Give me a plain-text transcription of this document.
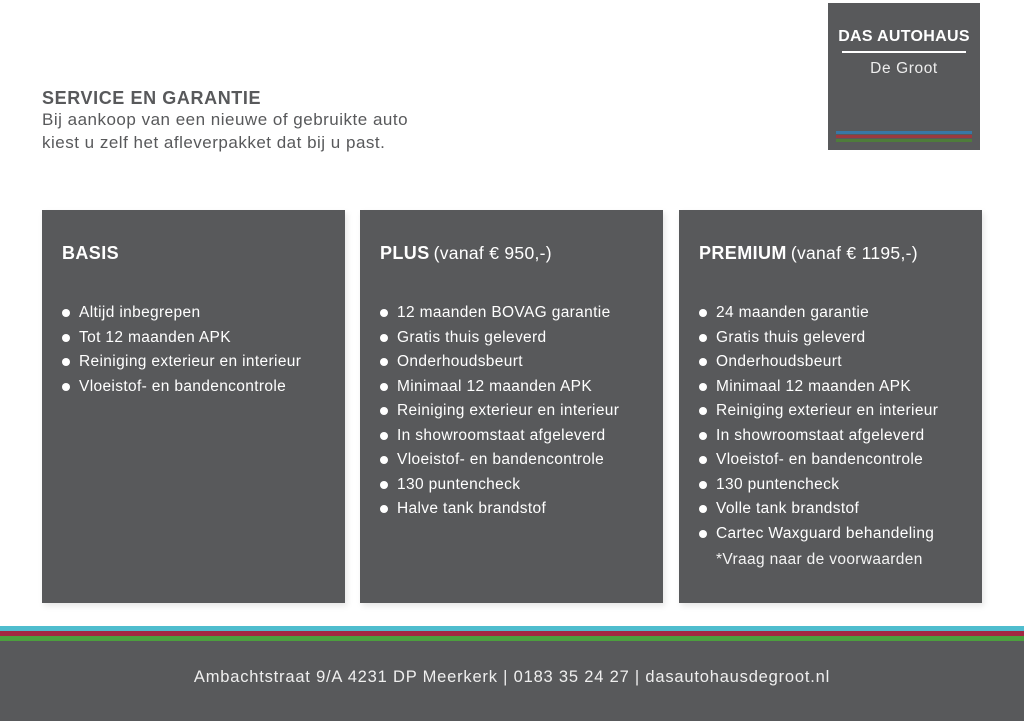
SERVICE EN GARANTIE
Bij aankoop van een nieuwe of gebruikte auto
kiest u zelf het afleverpakket dat bij u past.
DAS AUTOHAUS
De Groot
BASIS
Altijd inbegrepen
Tot 12 maanden APK
Reiniging exterieur en interieur
Vloeistof- en bandencontrole
PLUS (vanaf € 950,-)
12 maanden BOVAG garantie
Gratis thuis geleverd
Onderhoudsbeurt
Minimaal 12 maanden APK
Reiniging exterieur en interieur
In showroomstaat afgeleverd
Vloeistof- en bandencontrole
130 puntencheck
Halve tank brandstof
PREMIUM (vanaf € 1195,-)
24 maanden garantie
Gratis thuis geleverd
Onderhoudsbeurt
Minimaal 12 maanden APK
Reiniging exterieur en interieur
In showroomstaat afgeleverd
Vloeistof- en bandencontrole
130 puntencheck
Volle tank brandstof
Cartec Waxguard behandeling
*Vraag naar de voorwaarden
Ambachtstraat 9/A 4231 DP Meerkerk | 0183 35 24 27 | dasautohausdegroot.nl
